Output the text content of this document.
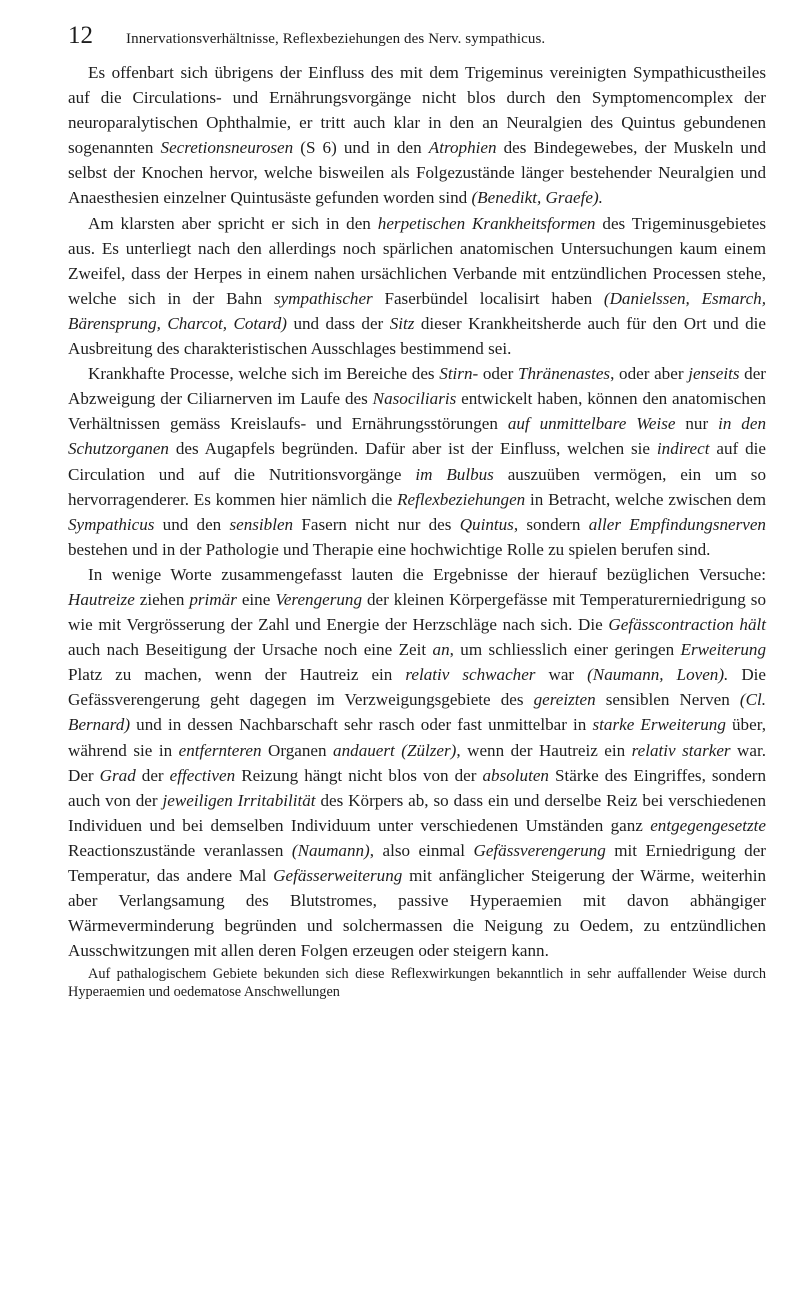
12	Innervationsverhältnisse, Reflexbeziehungen des Nerv. sympathicus.

Es offenbart sich übrigens der Einfluss des mit dem Trigeminus vereinigten Sympathicustheiles auf die Circulations- und Ernährungsvorgänge nicht blos durch den Symptomencomplex der neuroparalytischen Ophthalmie, er tritt auch klar in den an Neuralgien des Quintus gebundenen sogenannten Secretionsneurosen (S 6) und in den Atrophien des Bindegewebes, der Muskeln und selbst der Knochen hervor, welche bisweilen als Folgezustände länger bestehender Neuralgien und Anaesthesien einzelner Quintusäste gefunden worden sind (Benedikt, Graefe).

Am klarsten aber spricht er sich in den herpetischen Krankheitsformen des Trigeminusgebietes aus. Es unterliegt nach den allerdings noch spärlichen anatomischen Untersuchungen kaum einem Zweifel, dass der Herpes in einem nahen ursächlichen Verbande mit entzündlichen Processen stehe, welche sich in der Bahn sympathischer Faserbündel localisirt haben (Danielssen, Esmarch, Bärensprung, Charcot, Cotard) und dass der Sitz dieser Krankheitsherde auch für den Ort und die Ausbreitung des charakteristischen Ausschlages bestimmend sei.

Krankhafte Processe, welche sich im Bereiche des Stirn- oder Thränenastes, oder aber jenseits der Abzweigung der Ciliarnerven im Laufe des Nasociliaris entwickelt haben, können den anatomischen Verhältnissen gemäss Kreislaufs- und Ernährungsstörungen auf unmittelbare Weise nur in den Schutzorganen des Augapfels begründen. Dafür aber ist der Einfluss, welchen sie indirect auf die Circulation und auf die Nutritionsvorgänge im Bulbus auszuüben vermögen, ein um so hervorragenderer. Es kommen hier nämlich die Reflexbeziehungen in Betracht, welche zwischen dem Sympathicus und den sensiblen Fasern nicht nur des Quintus, sondern aller Empfindungsnerven bestehen und in der Pathologie und Therapie eine hochwichtige Rolle zu spielen berufen sind.

In wenige Worte zusammengefasst lauten die Ergebnisse der hierauf bezüglichen Versuche: Hautreize ziehen primär eine Verengerung der kleinen Körpergefässe mit Temperaturerniedrigung so wie mit Vergrösserung der Zahl und Energie der Herzschläge nach sich. Die Gefässcontraction hält auch nach Beseitigung der Ursache noch eine Zeit an, um schliesslich einer geringen Erweiterung Platz zu machen, wenn der Hautreiz ein relativ schwacher war (Naumann, Loven). Die Gefässverengerung geht dagegen im Verzweigungsgebiete des gereizten sensiblen Nerven (Cl. Bernard) und in dessen Nachbarschaft sehr rasch oder fast unmittelbar in starke Erweiterung über, während sie in entfernteren Organen andauert (Zülzer), wenn der Hautreiz ein relativ starker war. Der Grad der effectiven Reizung hängt nicht blos von der absoluten Stärke des Eingriffes, sondern auch von der jeweiligen Irritabilität des Körpers ab, so dass ein und derselbe Reiz bei verschiedenen Individuen und bei demselben Individuum unter verschiedenen Umständen ganz entgegengesetzte Reactionszustände veranlassen (Naumann), also einmal Gefässverengerung mit Erniedrigung der Temperatur, das andere Mal Gefässerweiterung mit anfänglicher Steigerung der Wärme, weiterhin aber Verlangsamung des Blutstromes, passive Hyperaemien mit davon abhängiger Wärmeverminderung begründen und solchermassen die Neigung zu Oedem, zu entzündlichen Ausschwitzungen mit allen deren Folgen erzeugen oder steigern kann.

Auf pathalogischem Gebiete bekunden sich diese Reflexwirkungen bekanntlich in sehr auffallender Weise durch Hyperaemien und oedematose Anschwellungen
